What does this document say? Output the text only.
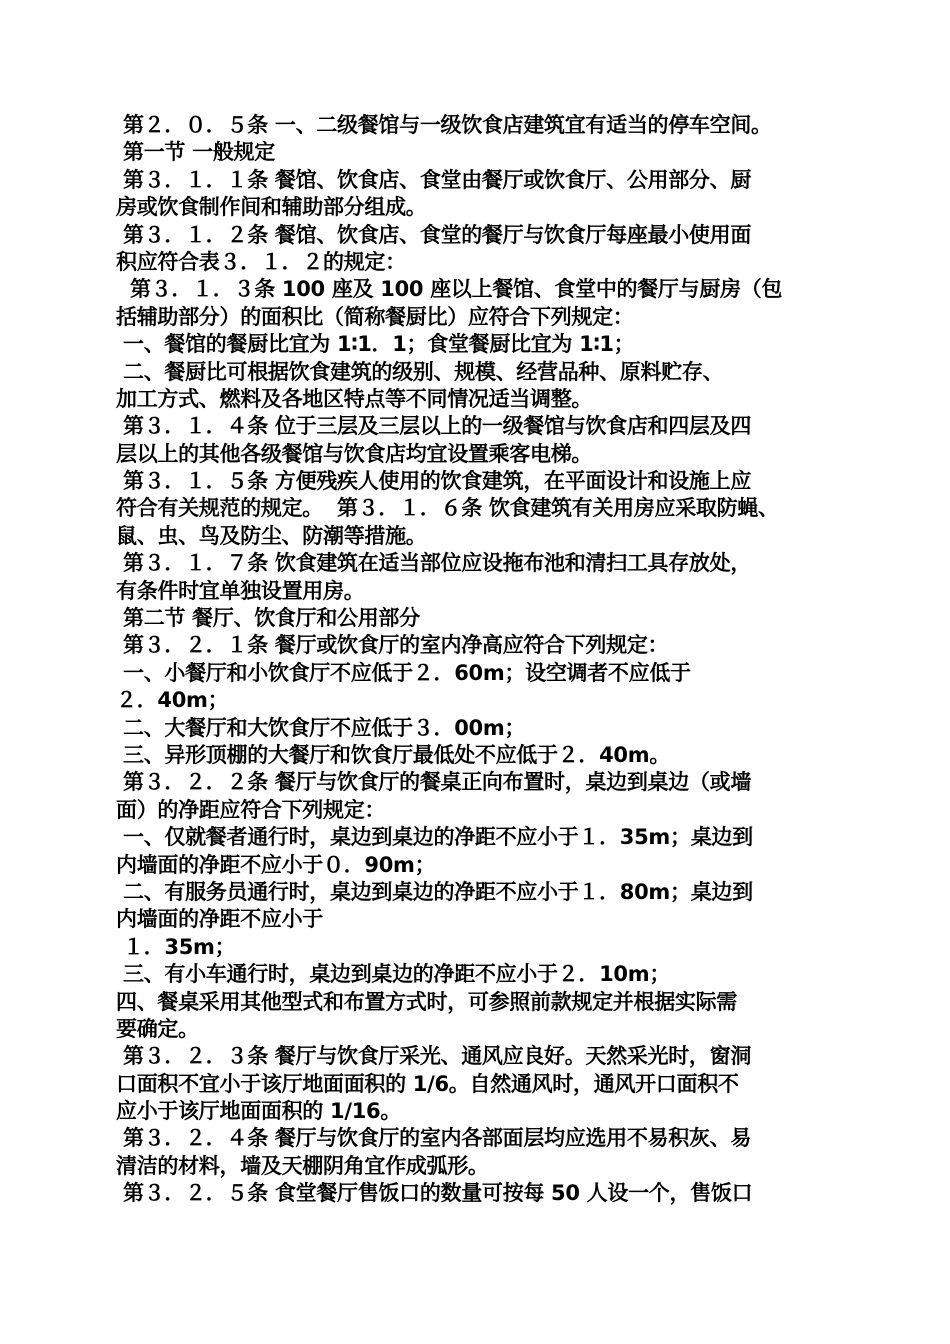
第２．０．５条 一、二级餐馆与一级饮食店建筑宜有适当的停车空间。
第一节 一般规定
第３．１．１条 餐馆、饮食店、食堂由餐厅或饮食厅、公用部分、厨
房或饮食制作间和辅助部分组成。
第３．１．２条 餐馆、饮食店、食堂的餐厅与饮食厅每座最小使用面
积应符合表３．１．２的规定：
第３．１．３条 100 座及 100 座以上餐馆、食堂中的餐厅与厨房（包
括辅助部分）的面积比（简称餐厨比）应符合下列规定：
一、餐馆的餐厨比宜为 1∶1．1；食堂餐厨比宜为 1∶1；
二、餐厨比可根据饮食建筑的级别、规模、经营品种、原料贮存、
加工方式、燃料及各地区特点等不同情况适当调整。
第３．１．４条 位于三层及三层以上的一级餐馆与饮食店和四层及四
层以上的其他各级餐馆与饮食店均宜设置乘客电梯。
第３．１．５条 方便残疾人使用的饮食建筑，在平面设计和设施上应
符合有关规范的规定。  第３．１．６条 饮食建筑有关用房应采取防蝇、
鼠、虫、鸟及防尘、防潮等措施。
第３．１．７条 饮食建筑在适当部位应设拖布池和清扫工具存放处，
有条件时宜单独设置用房。
第二节 餐厅、饮食厅和公用部分
第３．２．１条 餐厅或饮食厅的室内净高应符合下列规定：
一、小餐厅和小饮食厅不应低于２．60m；设空调者不应低于
２．40m；
二、大餐厅和大饮食厅不应低于３．00m；
三、异形顶棚的大餐厅和饮食厅最低处不应低于２．40m。
第３．２．２条 餐厅与饮食厅的餐桌正向布置时，桌边到桌边（或墙
面）的净距应符合下列规定：
一、仅就餐者通行时，桌边到桌边的净距不应小于１．35m；桌边到
内墙面的净距不应小于０．90m；
二、有服务员通行时，桌边到桌边的净距不应小于１．80m；桌边到
内墙面的净距不应小于
１．35m；
三、有小车通行时，桌边到桌边的净距不应小于２．10m；
四、餐桌采用其他型式和布置方式时，可参照前款规定并根据实际需
要确定。
第３．２．３条 餐厅与饮食厅采光、通风应良好。天然采光时，窗洞
口面积不宜小于该厅地面面积的 1/6。自然通风时，通风开口面积不
应小于该厅地面面积的 1/16。
第３．２．４条 餐厅与饮食厅的室内各部面层均应选用不易积灰、易
清洁的材料，墙及天棚阴角宜作成弧形。
第３．２．５条 食堂餐厅售饭口的数量可按每 50 人设一个，售饭口
